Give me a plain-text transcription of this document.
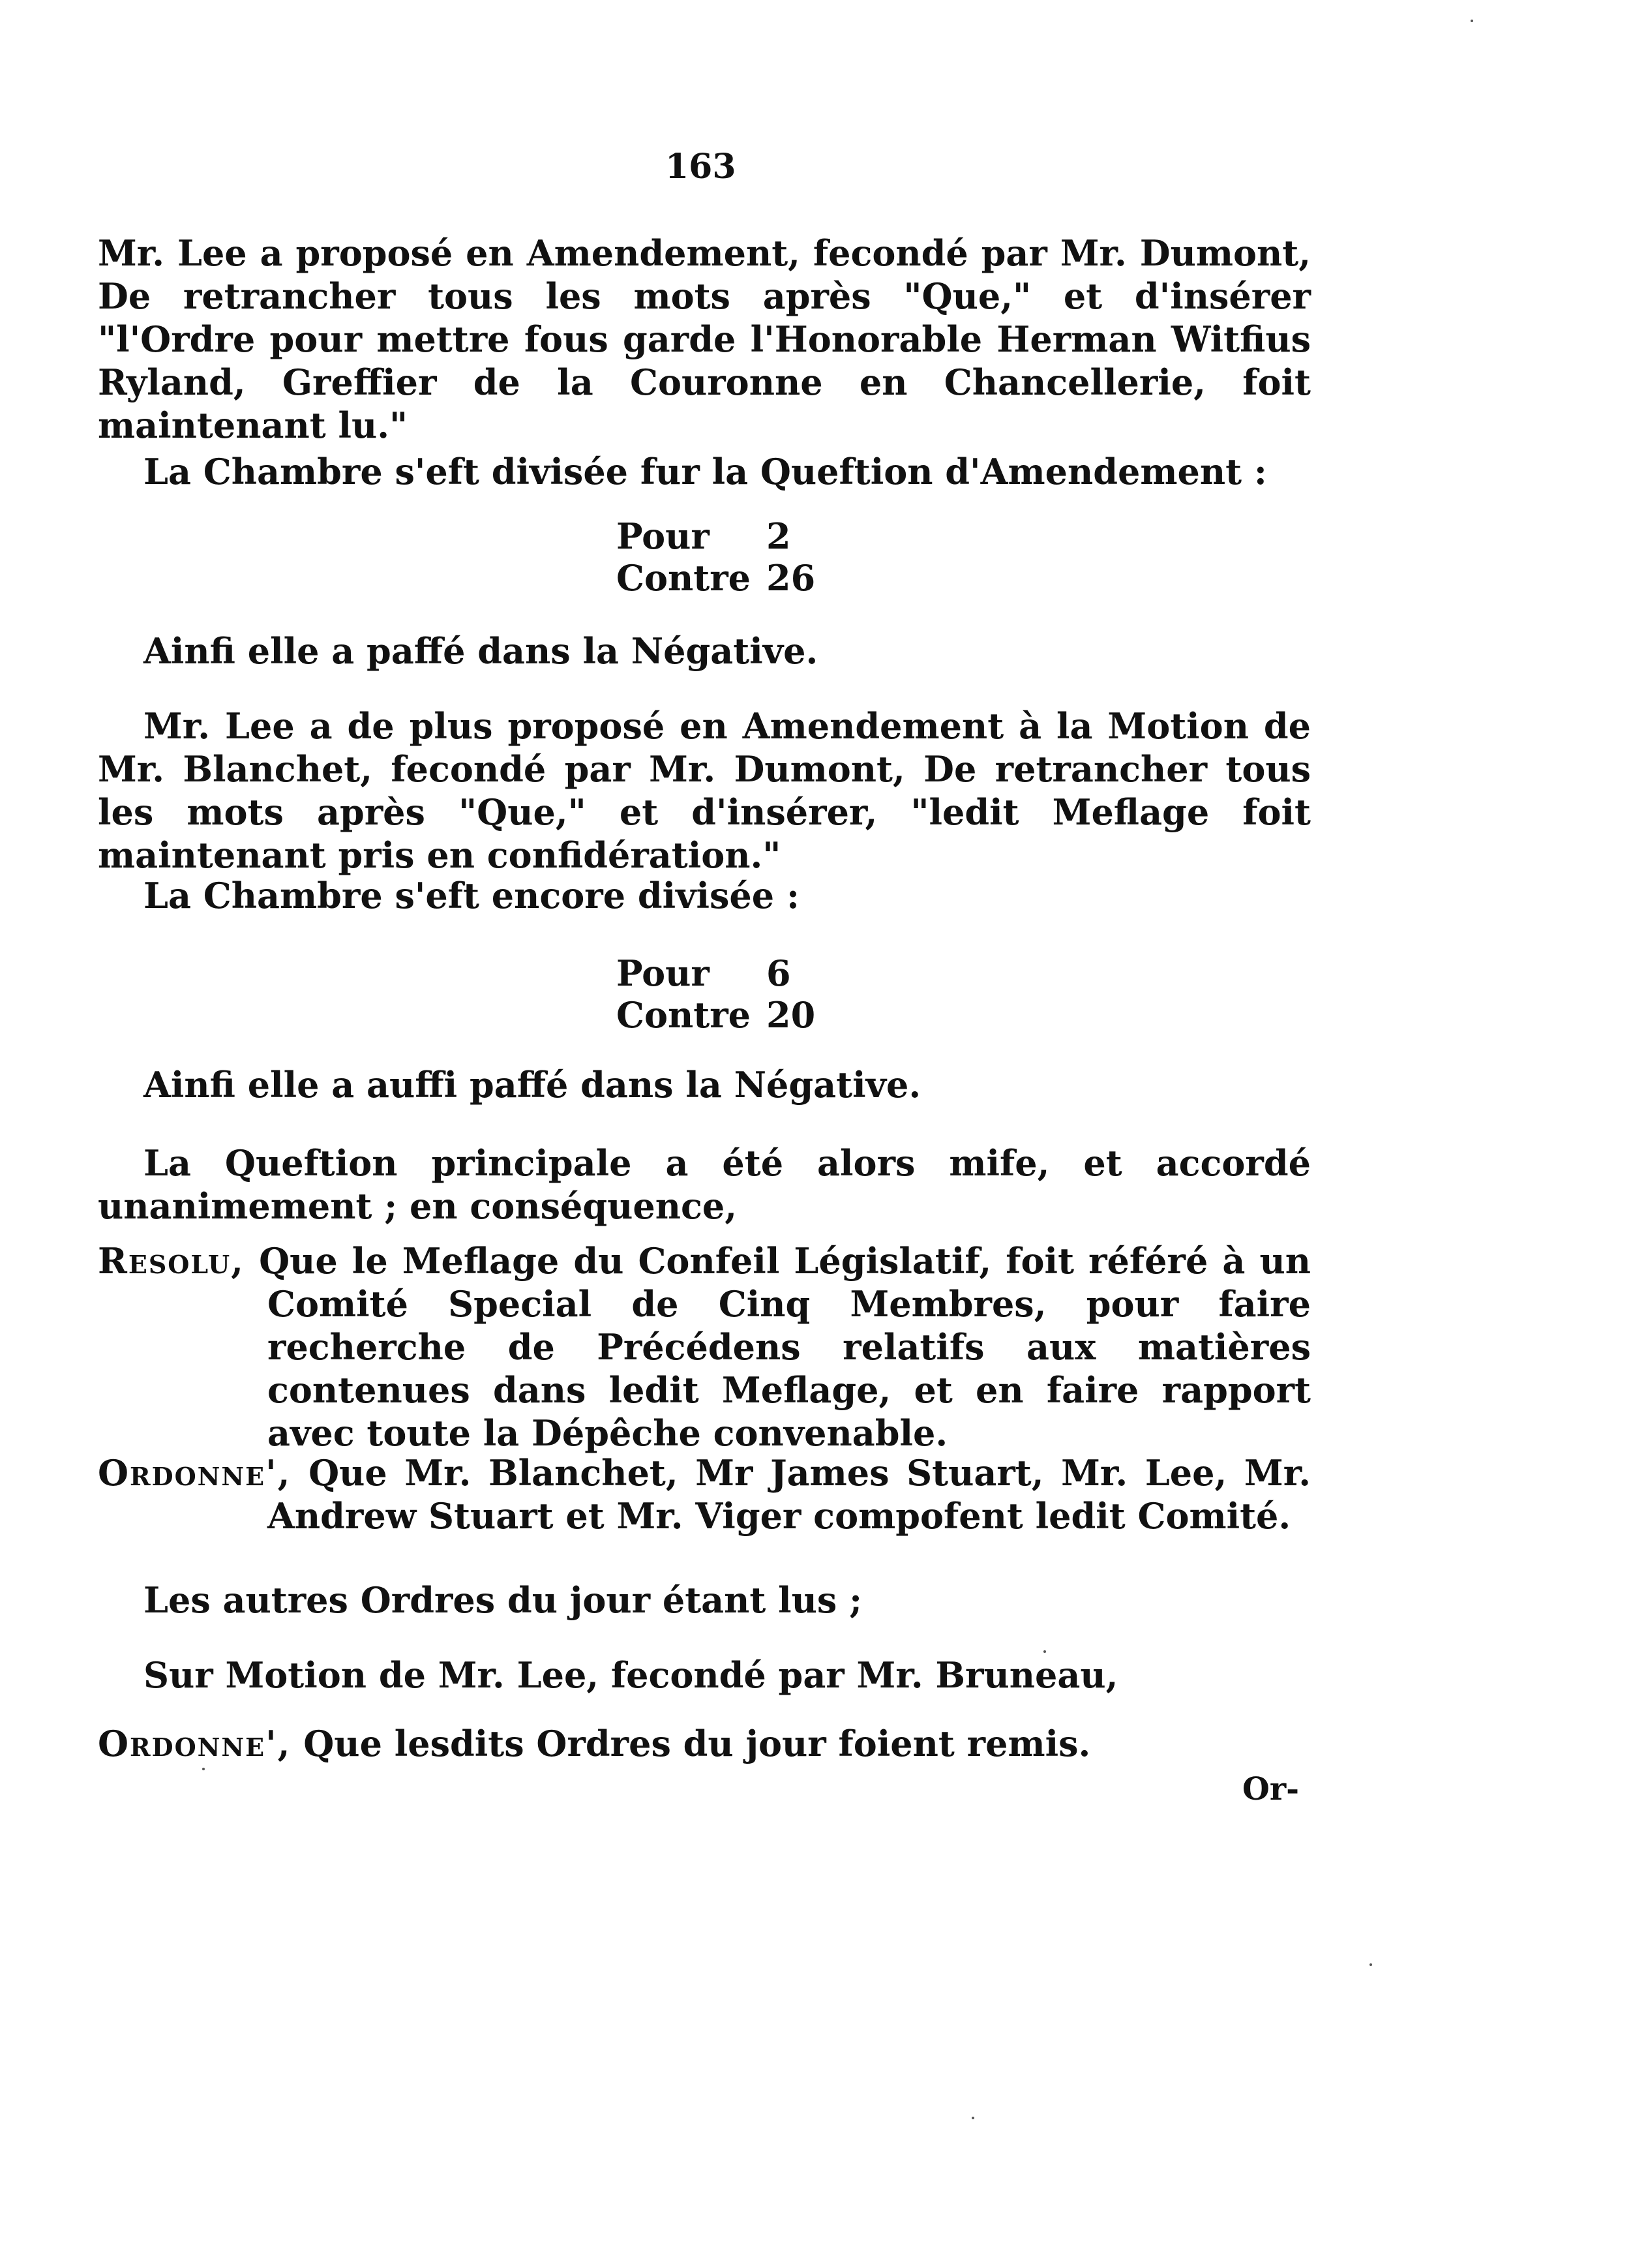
163
Mr. Lee a proposé en Amendement, fecondé par Mr. Dumont, De retrancher tous les mots après "Que," et d'insérer "l'Ordre pour mettre fous garde l'Honorable Herman Witfius Ryland, Greffier de la Couronne en Chancellerie, foit maintenant lu."
La Chambre s'eft divisée fur la Queftion d'Amendement :
Pour 2
Contre 26
Ainfi elle a paffé dans la Négative.
Mr. Lee a de plus proposé en Amendement à la Motion de Mr. Blanchet, fecondé par Mr. Dumont, De retrancher tous les mots après "Que," et d'insérer, "ledit Meflage foit maintenant pris en confidération."
La Chambre s'eft encore divisée :
Pour 6
Contre 20
Ainfi elle a auffi paffé dans la Négative.
La Queftion principale a été alors mife, et accordé unanimement ; en conséquence,
Resolu, Que le Meflage du Confeil Législatif, foit référé à un Comité Special de Cinq Membres, pour faire recherche de Précédens relatifs aux matières contenues dans ledit Meflage, et en faire rapport avec toute la Dépêche convenable.
Ordonne', Que Mr. Blanchet, Mr James Stuart, Mr. Lee, Mr. Andrew Stuart et Mr. Viger compofent ledit Comité.
Les autres Ordres du jour étant lus ;
Sur Motion de Mr. Lee, fecondé par Mr. Bruneau,
Ordonne', Que lesdits Ordres du jour foient remis.
Or-
